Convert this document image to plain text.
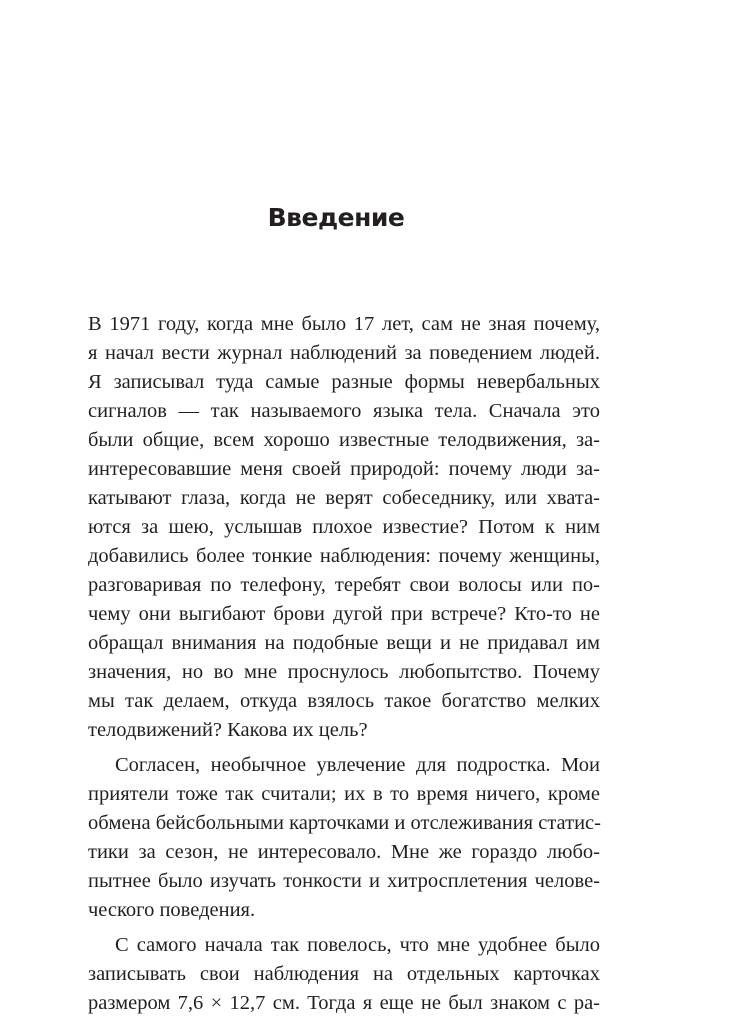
Введение
В 1971 году, когда мне было 17 лет, сам не зная почему,
я начал вести журнал наблюдений за поведением людей.
Я записывал туда самые разные формы невербальных
сигналов — так называемого языка тела. Сначала это
были общие, всем хорошо известные телодвижения, за-
интересовавшие меня своей природой: почему люди за-
катывают глаза, когда не верят собеседнику, или хвата-
ются за шею, услышав плохое известие? Потом к ним
добавились более тонкие наблюдения: почему женщины,
разговаривая по телефону, теребят свои волосы или по-
чему они выгибают брови дугой при встрече? Кто-то не
обращал внимания на подобные вещи и не придавал им
значения, но во мне проснулось любопытство. Почему
мы так делаем, откуда взялось такое богатство мелких
телодвижений? Какова их цель?
Согласен, необычное увлечение для подростка. Мои
приятели тоже так считали; их в то время ничего, кроме
обмена бейсбольными карточками и отслеживания статис-
тики за сезон, не интересовало. Мне же гораздо любо-
пытнее было изучать тонкости и хитросплетения челове-
ческого поведения.
С самого начала так повелось, что мне удобнее было
записывать свои наблюдения на отдельных карточках
размером 7,6 × 12,7 см. Тогда я еще не был знаком с ра-
